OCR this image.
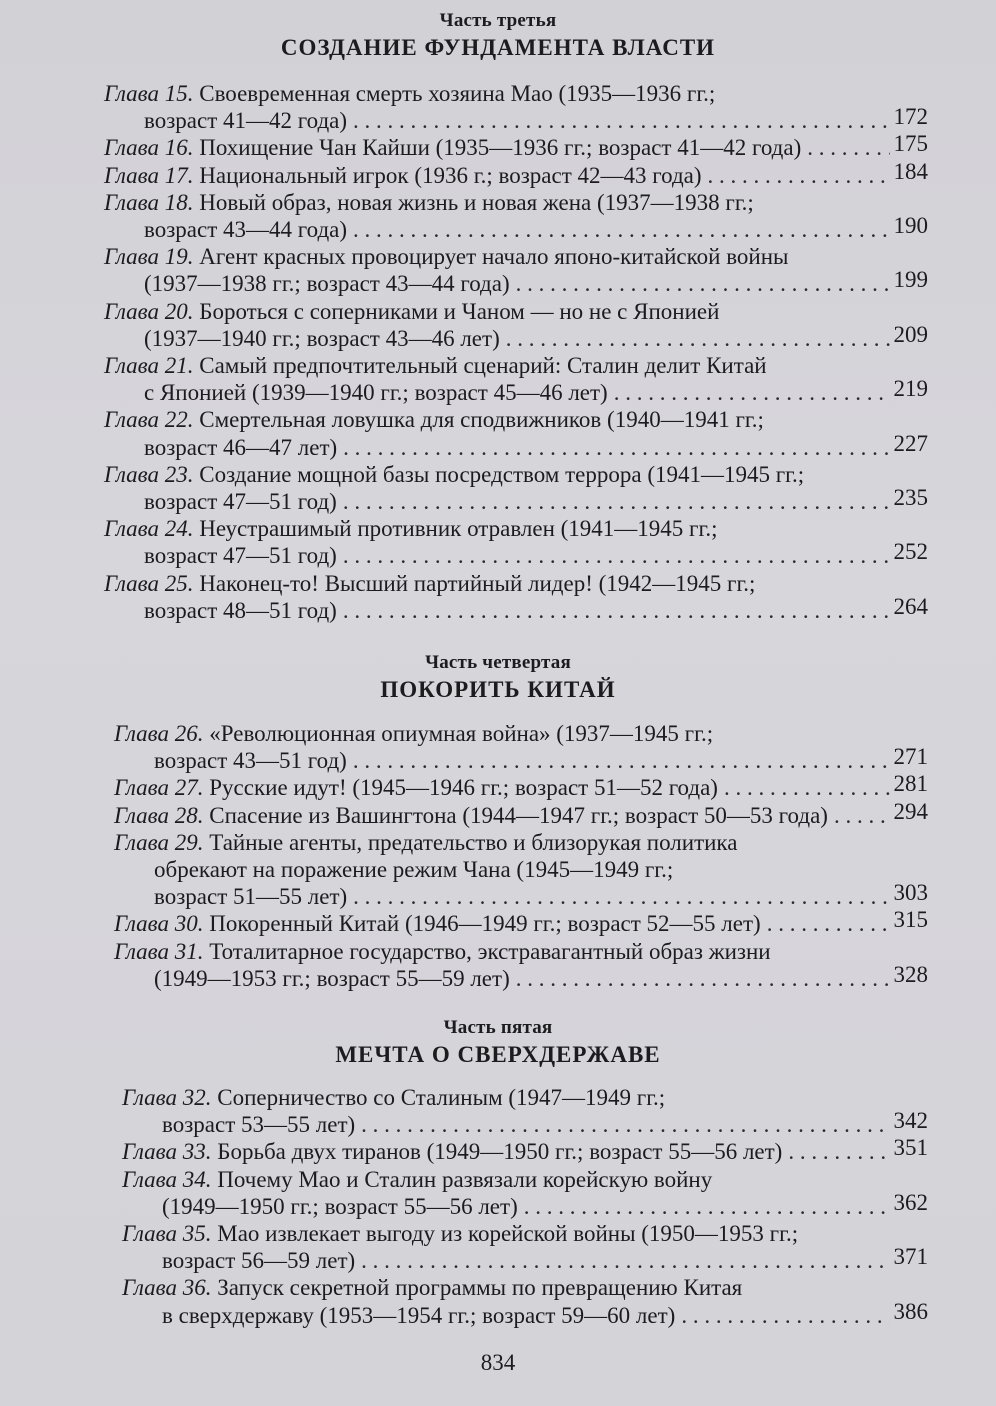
Часть третья
СОЗДАНИЕ ФУНДАМЕНТА ВЛАСТИ
Глава 15. Своевременная смерть хозяина Мао (1935—1936 гг.;
возраст 41—42 года) . . .	172
Глава 16. Похищение Чан Кайши (1935—1936 гг.; возраст 41—42 года) . . .	175
Глава 17. Национальный игрок (1936 г.; возраст 42—43 года) . . .	184
Глава 18. Новый образ, новая жизнь и новая жена (1937—1938 гг.;
возраст 43—44 года) . . .	190
Глава 19. Агент красных провоцирует начало японо-китайской войны
(1937—1938 гг.; возраст 43—44 года) . . .	199
Глава 20. Бороться с соперниками и Чаном — но не с Японией
(1937—1940 гг.; возраст 43—46 лет) . . .	209
Глава 21. Самый предпочтительный сценарий: Сталин делит Китай
с Японией (1939—1940 гг.; возраст 45—46 лет) . . .	219
Глава 22. Смертельная ловушка для сподвижников (1940—1941 гг.;
возраст 46—47 лет) . . .	227
Глава 23. Создание мощной базы посредством террора (1941—1945 гг.;
возраст 47—51 год) . . .	235
Глава 24. Неустрашимый противник отравлен (1941—1945 гг.;
возраст 47—51 год) . . .	252
Глава 25. Наконец-то! Высший партийный лидер! (1942—1945 гг.;
возраст 48—51 год) . . .	264
Часть четвертая
ПОКОРИТЬ КИТАЙ
Глава 26. «Революционная опиумная война» (1937—1945 гг.;
возраст 43—51 год) . . .	271
Глава 27. Русские идут! (1945—1946 гг.; возраст 51—52 года) . . .	281
Глава 28. Спасение из Вашингтона (1944—1947 гг.; возраст 50—53 года) . . .	294
Глава 29. Тайные агенты, предательство и близорукая политика
обрекают на поражение режим Чана (1945—1949 гг.;
возраст 51—55 лет) . . .	303
Глава 30. Покоренный Китай (1946—1949 гг.; возраст 52—55 лет) . . .	315
Глава 31. Тоталитарное государство, экстравагантный образ жизни
(1949—1953 гг.; возраст 55—59 лет) . . .	328
Часть пятая
МЕЧТА О СВЕРХДЕРЖАВЕ
Глава 32. Соперничество со Сталиным (1947—1949 гг.;
возраст 53—55 лет) . . .	342
Глава 33. Борьба двух тиранов (1949—1950 гг.; возраст 55—56 лет) . . .	351
Глава 34. Почему Мао и Сталин развязали корейскую войну
(1949—1950 гг.; возраст 55—56 лет) . . .	362
Глава 35. Мао извлекает выгоду из корейской войны (1950—1953 гг.;
возраст 56—59 лет) . . .	371
Глава 36. Запуск секретной программы по превращению Китая
в сверхдержаву (1953—1954 гг.; возраст 59—60 лет) . . .	386
834
